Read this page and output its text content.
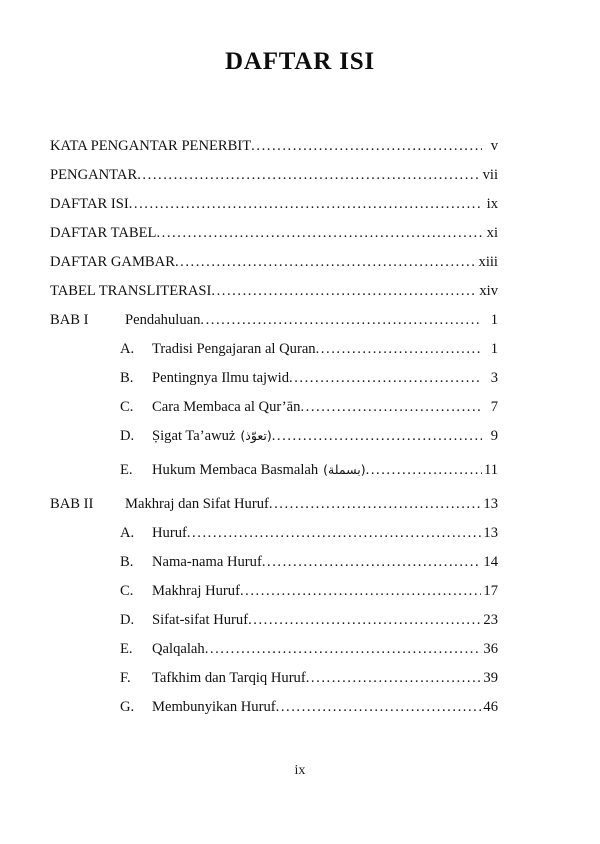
DAFTAR ISI
KATA PENGANTAR PENERBIT .....	v
PENGANTAR .....	vii
DAFTAR ISI .....	ix
DAFTAR TABEL .....	xi
DAFTAR GAMBAR .....	xiii
TABEL TRANSLITERASI .....	xiv
BAB I	Pendahuluan .....	1
A.	Tradisi Pengajaran al Quran .....	1
B.	Pentingnya Ilmu tajwid .....	3
C.	Cara Membaca al Qur’ān .....	7
D.	Ṣigat Ta’awuż (تعوّذ) .....	9
E.	Hukum Membaca Basmalah (بسملة) .....	11
BAB II	Makhraj dan Sifat Huruf .....	13
A.	Huruf .....	13
B.	Nama-nama Huruf .....	14
C.	Makhraj Huruf .....	17
D.	Sifat-sifat Huruf .....	23
E.	Qalqalah .....	36
F.	Tafkhim dan Tarqiq Huruf .....	39
G.	Membunyikan Huruf .....	46
ix
